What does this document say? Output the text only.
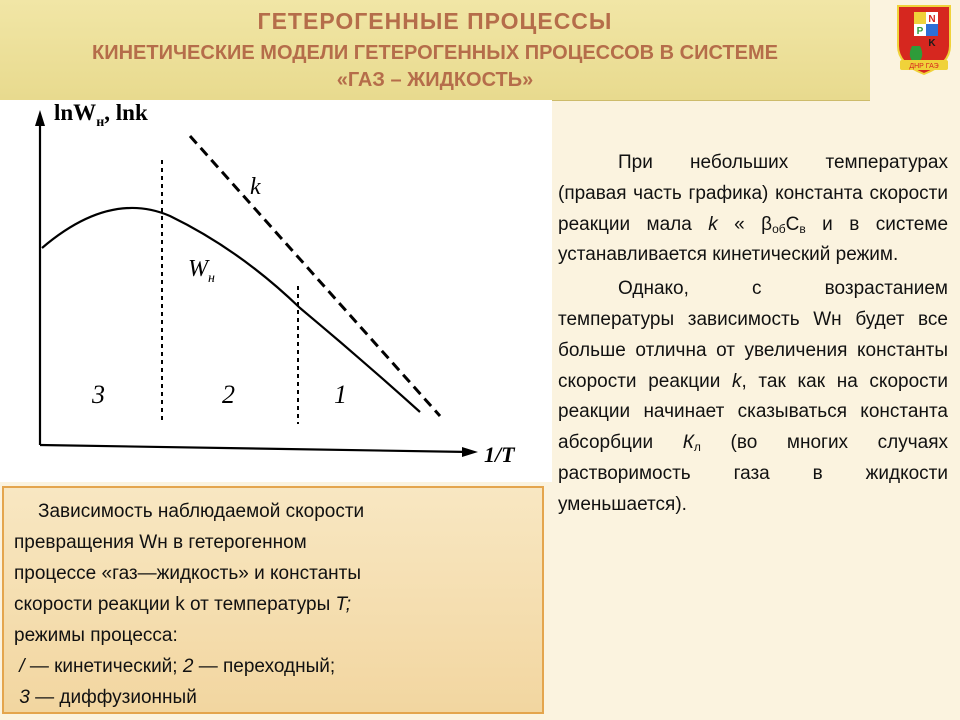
ГЕТЕРОГЕННЫЕ ПРОЦЕССЫ
КИНЕТИЧЕСКИЕ МОДЕЛИ ГЕТЕРОГЕННЫХ ПРОЦЕССОВ В СИСТЕМЕ
«ГАЗ – ЖИДКОСТЬ»
N
P
K
ДНР ГАЭ
lnW$_н$, lnk
1/T
k
$W_н$
3	2	1
Зависимость наблюдаемой скорости
превращения Wн в гетерогенном
процессе «газ—жидкость» и константы
скорости реакции k от температуры T;
режимы процесса:
/ — кинетический; 2 — переходный;
3 — диффузионный

При небольших температурах (правая часть графика) константа скорости реакции мала k « $\beta_{об}С_в$ и в системе устанавливается кинетический режим.

Однако, с возрастанием температуры зависимость Wн будет все больше отлична от увеличения константы скорости реакции k, так как на скорости реакции начинает сказываться константа абсорбции $К_л$ (во многих случаях растворимость газа в жидкости уменьшается).
